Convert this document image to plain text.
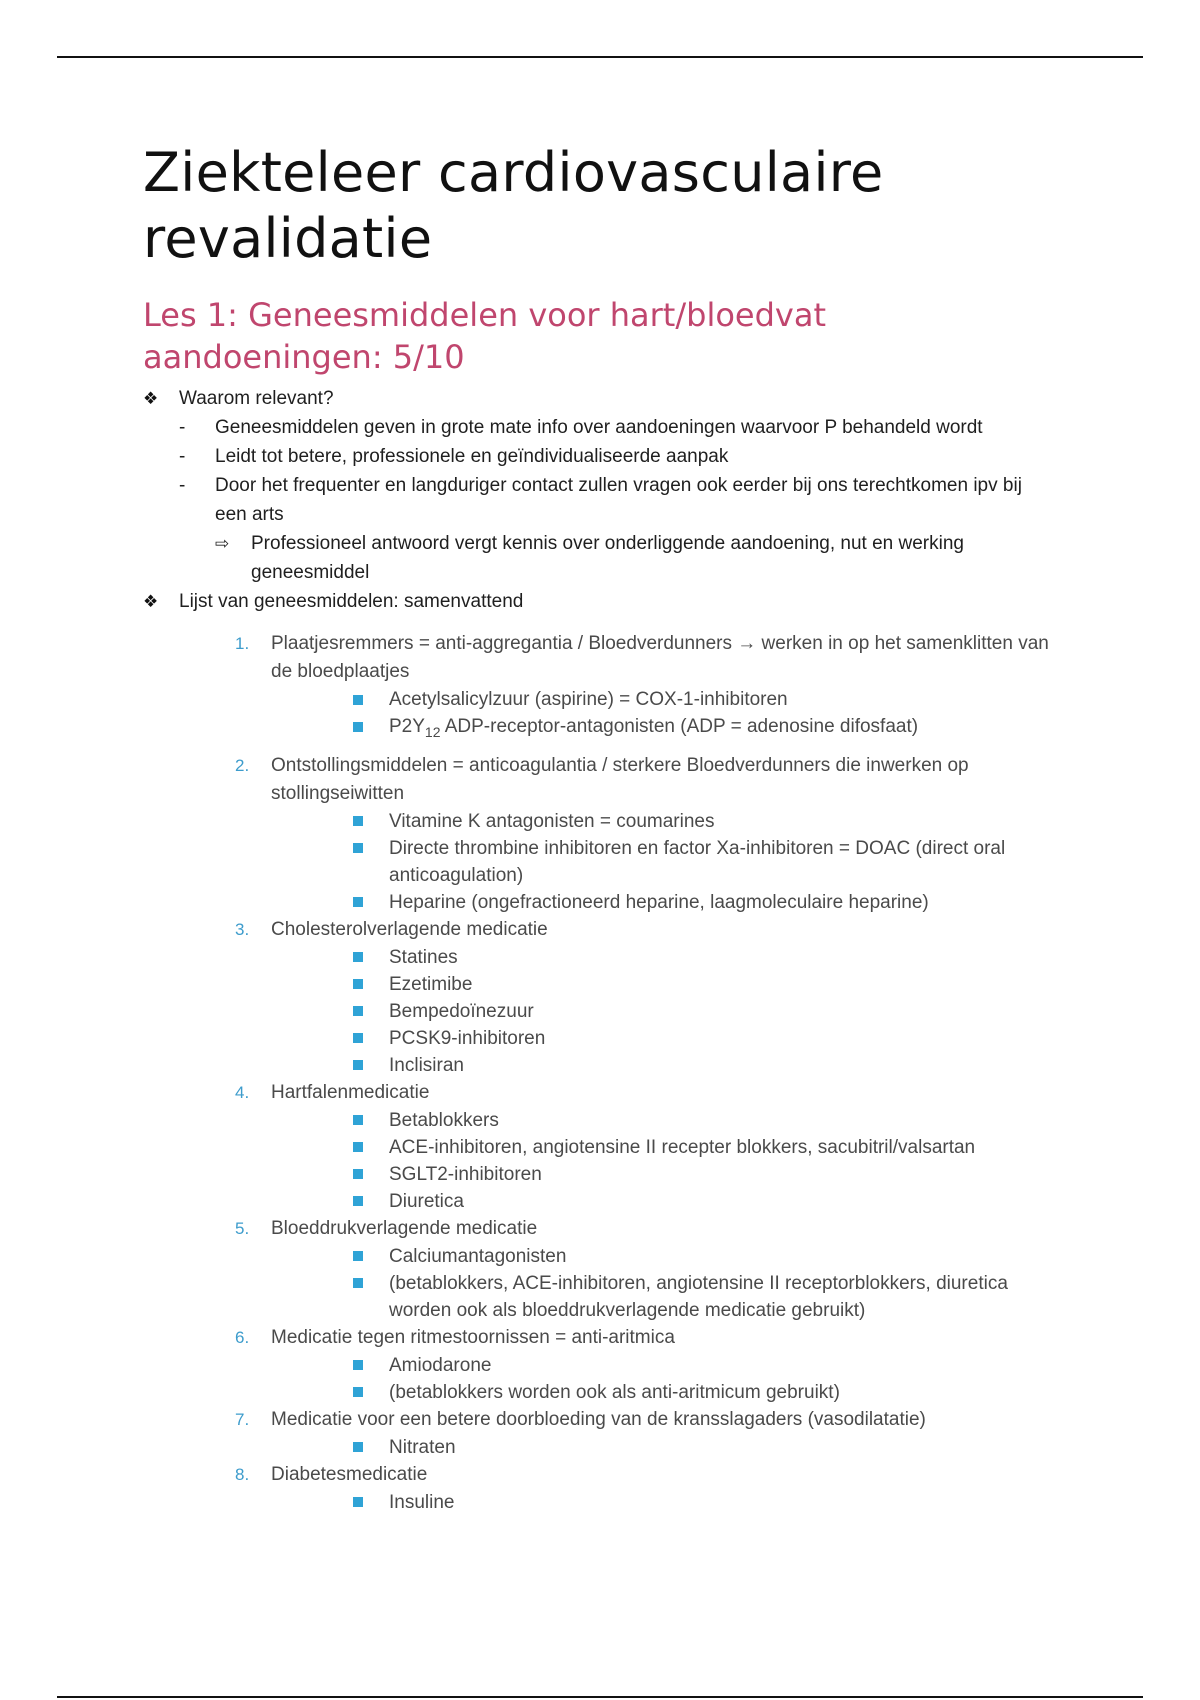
Ziekteleer cardiovasculaire revalidatie
Les 1: Geneesmiddelen voor hart/bloedvat aandoeningen: 5/10
❖	Waarom relevant?
-	Geneesmiddelen geven in grote mate info over aandoeningen waarvoor P behandeld wordt
-	Leidt tot betere, professionele en geïndividualiseerde aanpak
-	Door het frequenter en langduriger contact zullen vragen ook eerder bij ons terechtkomen ipv bij een arts
⇨	Professioneel antwoord vergt kennis over onderliggende aandoening, nut en werking geneesmiddel
❖	Lijst van geneesmiddelen: samenvattend
1.	Plaatjesremmers = anti-aggregantia / Bloedverdunners → werken in op het samenklitten van de bloedplaatjes
Acetylsalicylzuur (aspirine) = COX-1-inhibitoren
$P2Y_{12}$ ADP-receptor-antagonisten (ADP = adenosine difosfaat)
2.	Ontstollingsmiddelen = anticoagulantia / sterkere Bloedverdunners die inwerken op stollingseiwitten
Vitamine K antagonisten = coumarines
Directe thrombine inhibitoren en factor Xa-inhibitoren = DOAC (direct oral anticoagulation)
Heparine (ongefractioneerd heparine, laagmoleculaire heparine)
3.	Cholesterolverlagende medicatie
Statines
Ezetimibe
Bempedoïnezuur
PCSK9-inhibitoren
Inclisiran
4.	Hartfalenmedicatie
Betablokkers
ACE-inhibitoren, angiotensine II recepter blokkers, sacubitril/valsartan
SGLT2-inhibitoren
Diuretica
5.	Bloeddrukverlagende medicatie
Calciumantagonisten
(betablokkers, ACE-inhibitoren, angiotensine II receptorblokkers, diuretica worden ook als bloeddrukverlagende medicatie gebruikt)
6.	Medicatie tegen ritmestoornissen = anti-aritmica
Amiodarone
(betablokkers worden ook als anti-aritmicum gebruikt)
7.	Medicatie voor een betere doorbloeding van de kransslagaders (vasodilatatie)
Nitraten
8.	Diabetesmedicatie
Insuline
